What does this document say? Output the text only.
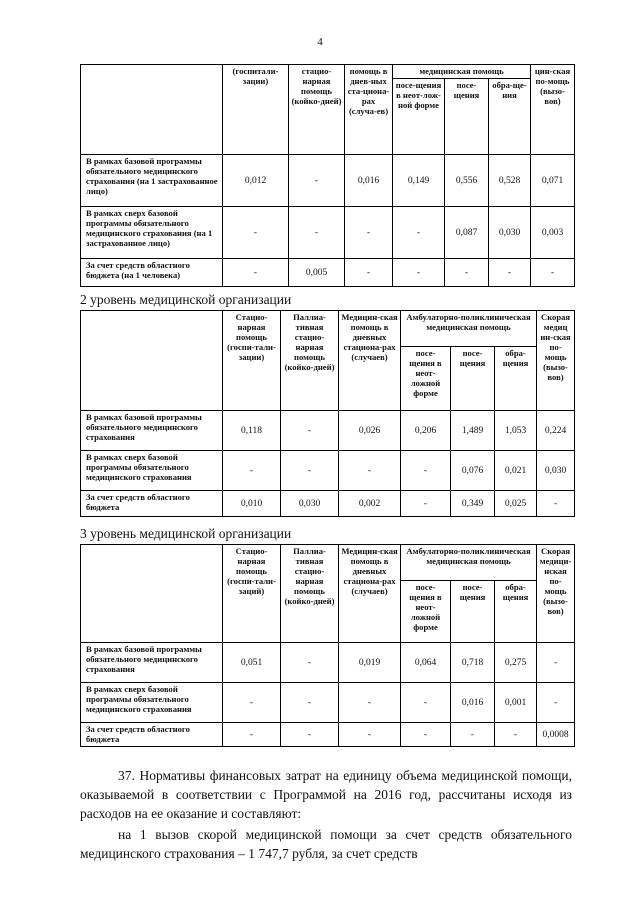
4
	(госпитали-зации)	стацио-нарная помощь (койко-дней)	помощь в днев-ных ста-циона-рах (случа-ев)	медицинская помощь			цин-ская по-мощь (вызо-вов)
				посе-щения в неот-лож-ной форме	посе-щения	обра-ще-ния	
В рамках базовой программы обязательного медицинского страхования (на 1 застрахованное лицо)	0,012	-	0,016	0,149	0,556	0,528	0,071
В рамках сверх базовой программы обязательного медицинского страхования (на 1 застрахованное лицо)	-	-	-	-	0,087	0,030	0,003
За счет средств областного бюджета (на 1 человека)	-	0,005	-	-	-	-	-
2 уровень медицинской организации
	Стацио-нарная помощь (госпи-тали-зации)	Паллиа-тивная стацио-нарная помощь (койко-дней)	Медицин-ская помощь в дневных стациона-рах (случаев)	Амбулаторно-поликлиническая медицинская помощь			Скорая медиц ин-ская по-мощь (вызо-вов)
				посе-щения в неот-ложной форме	посе-щения	обра-щения	
В рамках базовой программы обязательного медицинского страхования	0,118	-	0,026	0,206	1,489	1,053	0,224
В рамках сверх базовой программы обязательного медицинского страхования	-	-	-	-	0,076	0,021	0,030
За счет средств областного бюджета	0,010	0,030	0,002	-	0,349	0,025	-
3 уровень медицинской организации
	Стацио-нарная помощь (госпи-тали-заций)	Паллиа-тивная стацио-нарная помощь (койко-дней)	Медицин-ская помощь в дневных стациона-рах (случаев)	Амбулаторно-поликлиническая медицинская помощь			Скорая медици-нская по-мощь (вызо-вов)
				посе-щения в неот-ложной форме	посе-щения	обра-щения	
В рамках базовой программы обязательного медицинского страхования	0,051	-	0,019	0,064	0,718	0,275	-
В рамках сверх базовой программы обязательного медицинского страхования	-	-	-	-	0,016	0,001	-
За счет средств областного бюджета	-	-	-	-	-	-	0,0008
37. Нормативы финансовых затрат на единицу объема медицинской помощи, оказываемой в соответствии с Программой на 2016 год, рассчитаны исходя из расходов на ее оказание и составляют:
на 1 вызов скорой медицинской помощи за счет средств обязательного медицинского страхования – 1 747,7 рубля, за счет средств
